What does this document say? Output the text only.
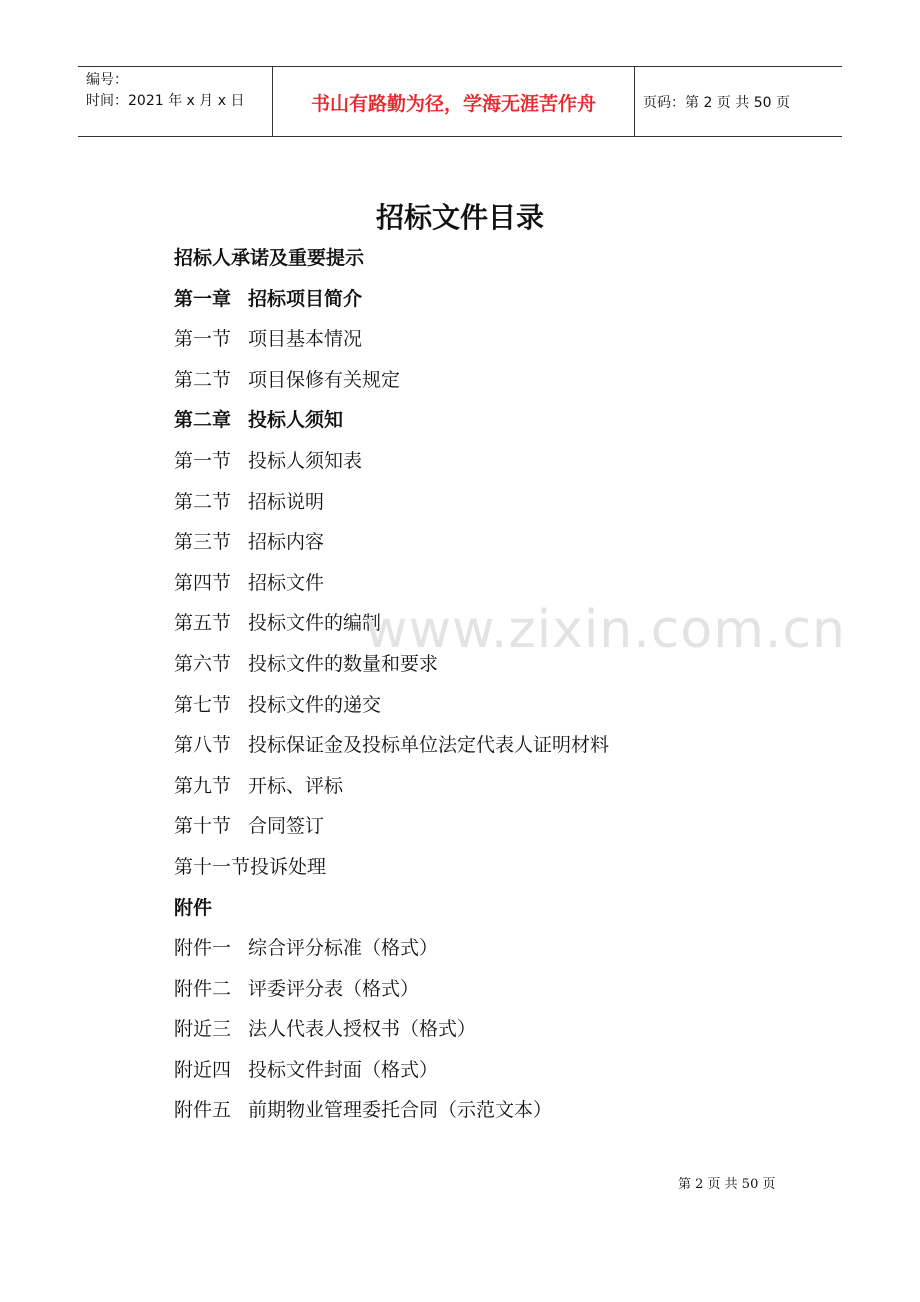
编号：
时间：2021 年 x 月 x 日	书山有路勤为径，学海无涯苦作舟	页码：第 2 页 共 50 页
招标文件目录
招标人承诺及重要提示
第一章 招标项目简介
第一节 项目基本情况
第二节 项目保修有关规定
第二章 投标人须知
第一节 投标人须知表
第二节 招标说明
第三节 招标内容
第四节 招标文件
第五节 投标文件的编制
第六节 投标文件的数量和要求
第七节 投标文件的递交
第八节 投标保证金及投标单位法定代表人证明材料
第九节 开标、评标
第十节 合同签订
第十一节投诉处理
附件
附件一 综合评分标准（格式）
附件二 评委评分表（格式）
附近三 法人代表人授权书（格式）
附近四 投标文件封面（格式）
附件五 前期物业管理委托合同（示范文本）
www.zixin.com.cn
第 2 页 共 50 页
